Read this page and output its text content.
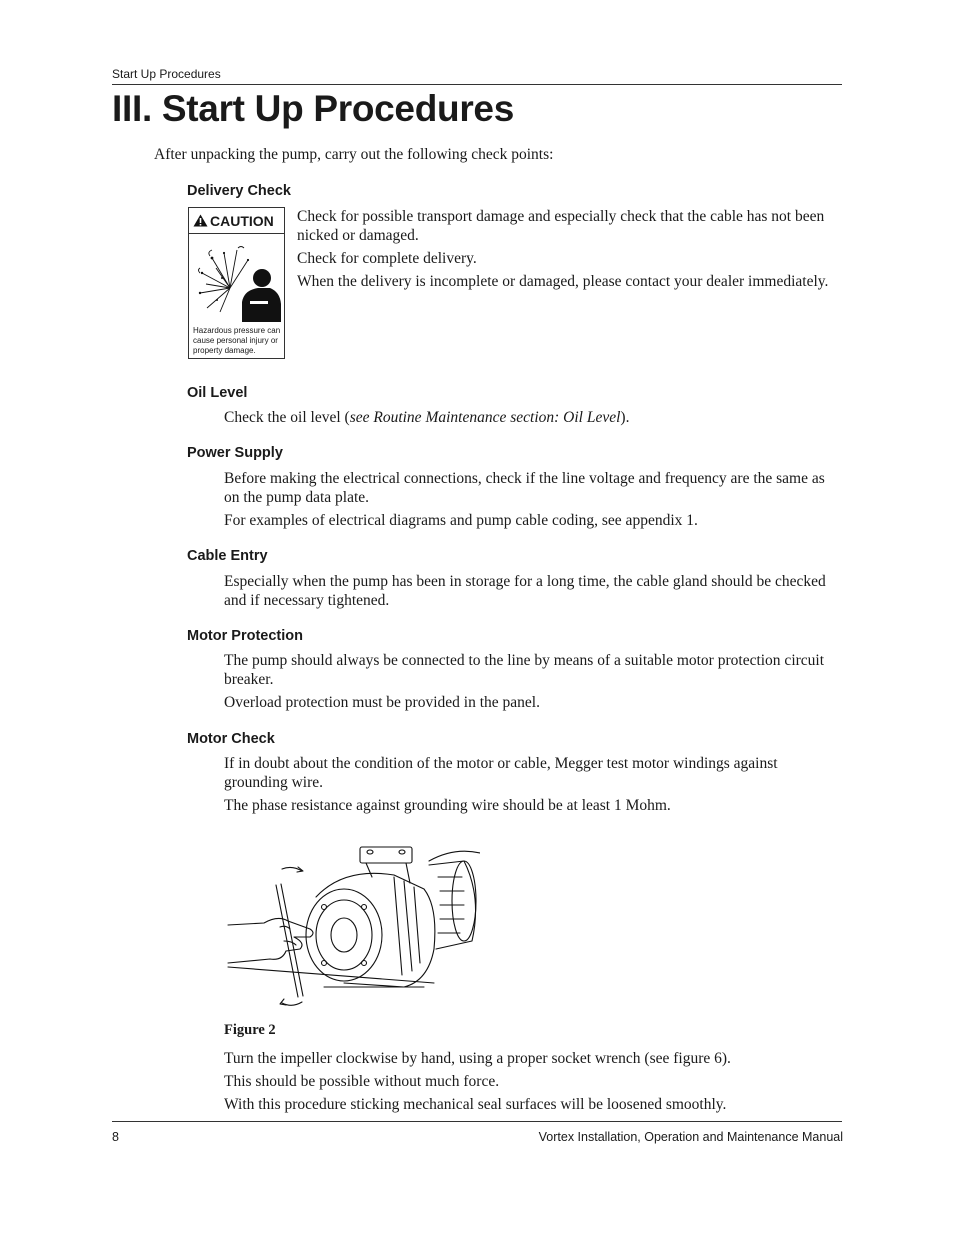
Start Up Procedures
III. Start Up Procedures

After unpacking the pump, carry out the following check points:

Delivery Check
CAUTION
Hazardous pressure can cause personal injury or property damage.

Check for possible transport damage and especially check that the cable has not been nicked or damaged.

Check for complete delivery.

When the delivery is incomplete or damaged, please contact your dealer immediately.

Oil Level

Check the oil level (see Routine Maintenance section: Oil Level).

Power Supply

Before making the electrical connections, check if the line voltage and frequency are the same as on the pump data plate.

For examples of electrical diagrams and pump cable coding, see appendix 1.

Cable Entry

Especially when the pump has been in storage for a long time, the cable gland should be checked and if necessary tightened.

Motor Protection

The pump should always be connected to the line by means of a suitable motor protection circuit breaker.

Overload protection must be provided in the panel.

Motor Check

If in doubt about the condition of the motor or cable, Megger test motor windings against grounding wire.

The phase resistance against grounding wire should be at least 1 Mohm.

Figure 2

Turn the impeller clockwise by hand, using a proper socket wrench (see figure 6).

This should be possible without much force.

With this procedure sticking mechanical seal surfaces will be loosened smoothly.

8	Vortex Installation, Operation and Maintenance Manual
